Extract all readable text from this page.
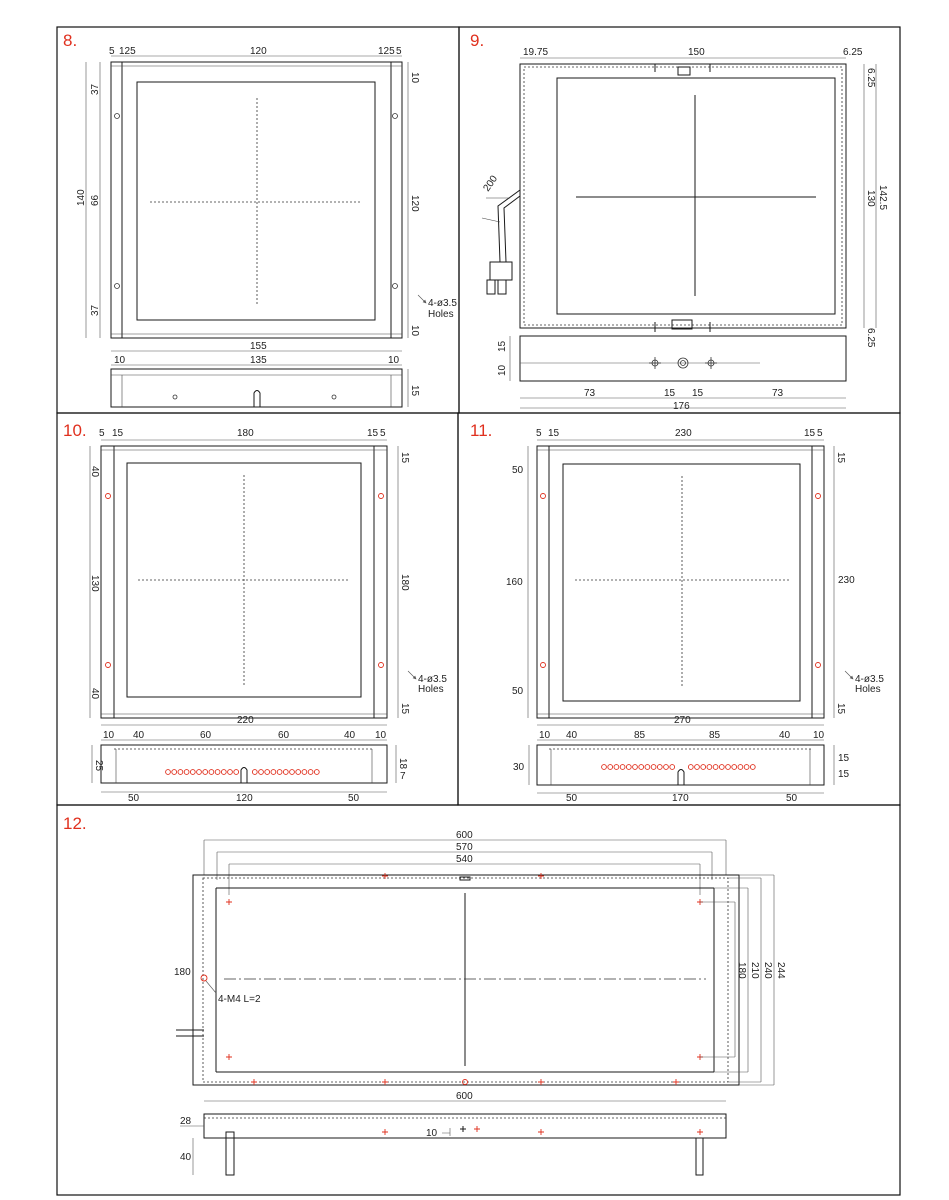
8.	9.
10.	11.
12.
5 125	120	125 5
37
66
37
140
10
120
10
4-ø3.5
Holes
155
10	135	10
15
200
19.75	150	6.25
6.25
142.5
130
6.25
15
10
73	15 15	73
176
5 15	180	15 5
40
130
40
15
180
15
4-ø3.5
Holes
220
10 40	60	60	40 10
25	18
7
50	120	50
5 15	230	15 5
50
160
50
15
230
15
4-ø3.5
Holes
270
10 40	85	85	40 10
30
15
15
50	170	50
600
570
540
180
4-M4 L=2
180 210 240 244
600
28
40
10
